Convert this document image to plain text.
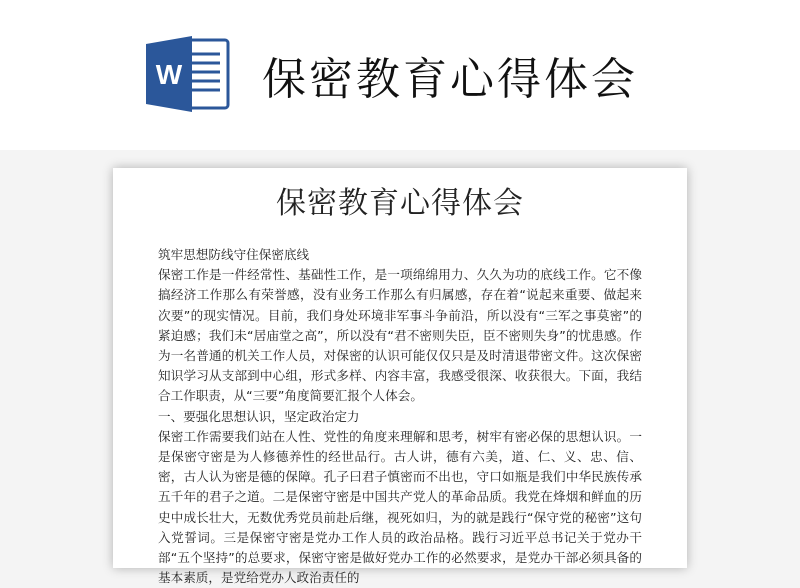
W 保密教育心得体会
保密教育心得体会

筑牢思想防线守住保密底线

保密工作是一件经常性、基础性工作，是一项绵绵用力、久久为功的底线工作。它不像搞经济工作那么有荣誉感，没有业务工作那么有归属感，存在着“说起来重要、做起来次要”的现实情况。目前，我们身处环境非军事斗争前沿，所以没有“三军之事莫密”的紧迫感；我们未“居庙堂之高”，所以没有“君不密则失臣，臣不密则失身”的忧患感。作为一名普通的机关工作人员，对保密的认识可能仅仅只是及时清退带密文件。这次保密知识学习从支部到中心组，形式多样、内容丰富，我感受很深、收获很大。下面，我结合工作职责，从“三要”角度简要汇报个人体会。

一、要强化思想认识，坚定政治定力

保密工作需要我们站在人性、党性的角度来理解和思考，树牢有密必保的思想认识。一是保密守密是为人修德养性的经世品行。古人讲，德有六美，道、仁、义、忠、信、密，古人认为密是德的保障。孔子曰君子慎密而不出也，守口如瓶是我们中华民族传承五千年的君子之道。二是保密守密是中国共产党人的革命品质。我党在烽烟和鲜血的历史中成长壮大，无数优秀党员前赴后继，视死如归，为的就是践行“保守党的秘密”这句入党誓词。三是保密守密是党办工作人员的政治品格。践行习近平总书记关于党办干部“五个坚持”的总要求，保密守密是做好党办工作的必然要求，是党办干部必须具备的基本素质，是党给党办人政治责任的
